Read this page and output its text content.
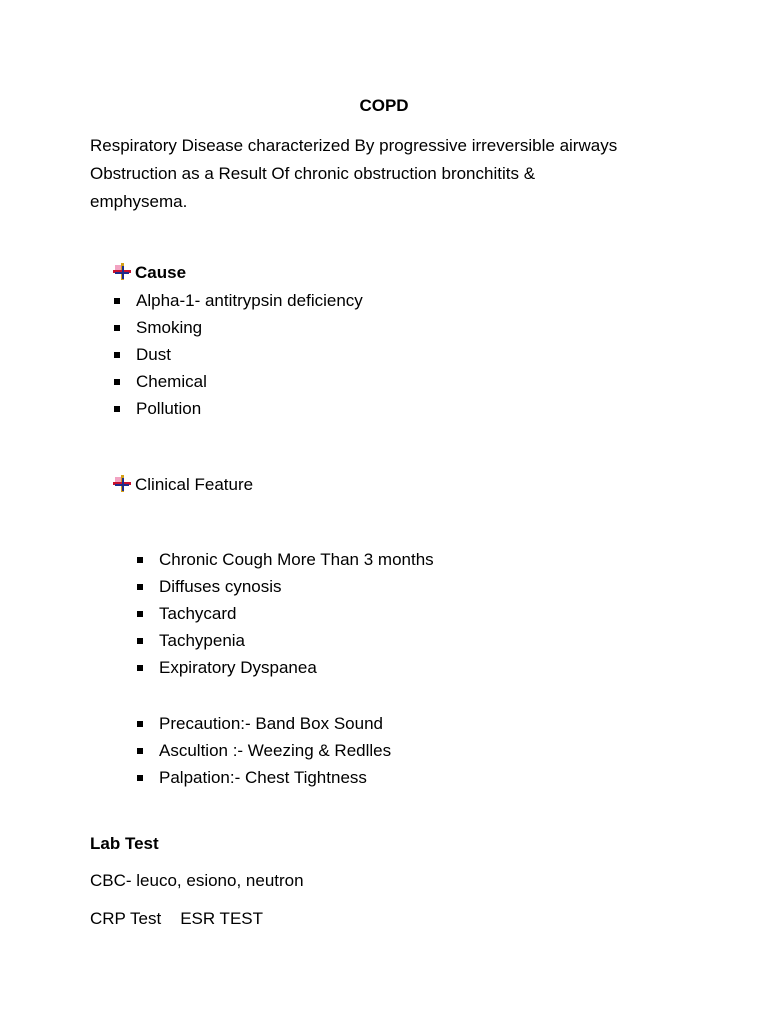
COPD
Respiratory Disease characterized By progressive irreversible airways
Obstruction as a Result Of chronic obstruction bronchitits &
emphysema.
Cause
Alpha-1- antitrypsin deficiency
Smoking
Dust
Chemical
Pollution
Clinical Feature
Chronic Cough More Than 3 months
Diffuses cynosis
Tachycard
Tachypenia
Expiratory Dyspanea
Precaution:- Band Box Sound
Ascultion :- Weezing & Redlles
Palpation:- Chest Tightness
Lab Test
CBC- leuco, esiono, neutron
CRP Test ESR TEST
